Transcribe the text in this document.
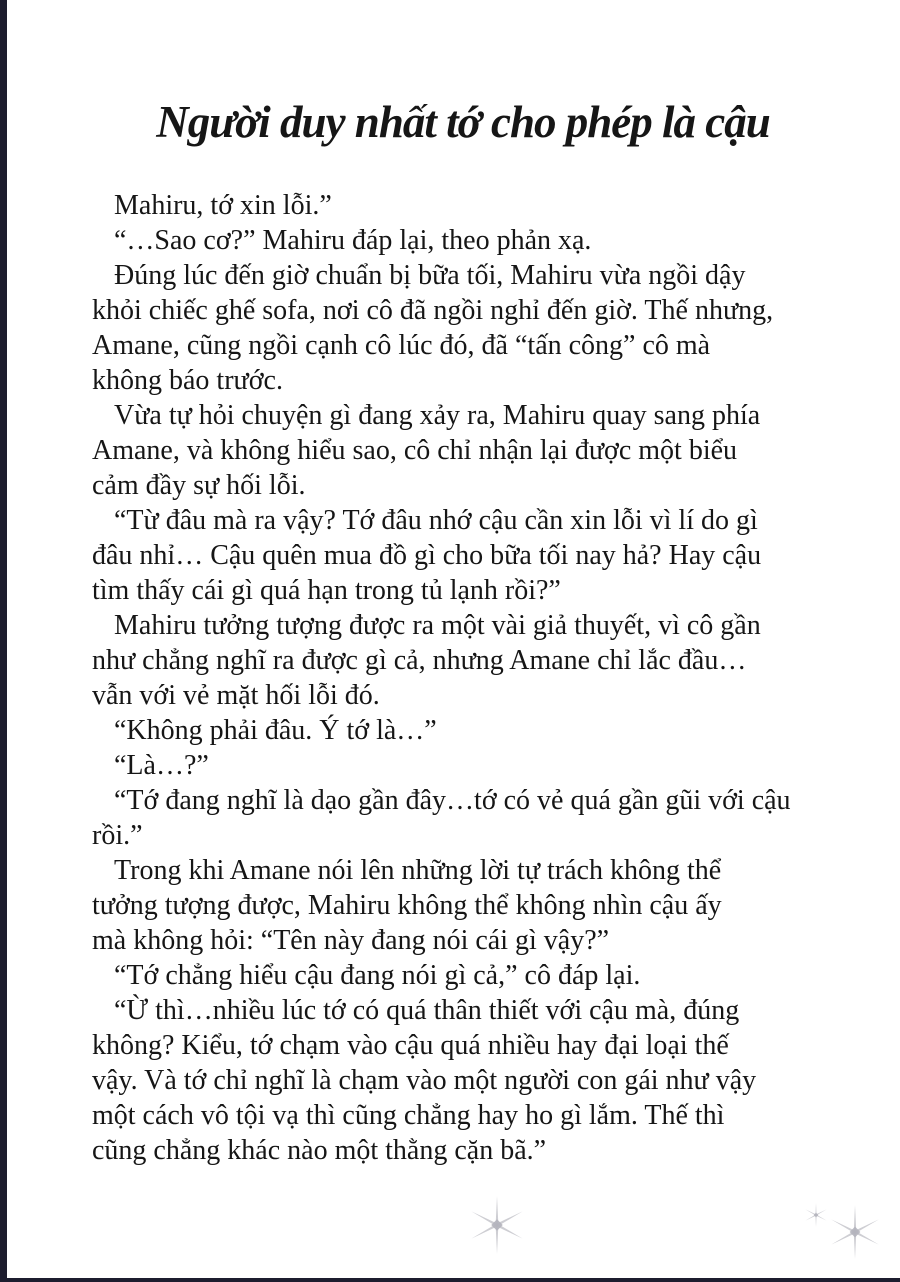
Người duy nhất tớ cho phép là cậu
Mahiru, tớ xin lỗi.”
“…Sao cơ?” Mahiru đáp lại, theo phản xạ.
Đúng lúc đến giờ chuẩn bị bữa tối, Mahiru vừa ngồi dậy
khỏi chiếc ghế sofa, nơi cô đã ngồi nghỉ đến giờ. Thế nhưng,
Amane, cũng ngồi cạnh cô lúc đó, đã “tấn công” cô mà
không báo trước.
Vừa tự hỏi chuyện gì đang xảy ra, Mahiru quay sang phía
Amane, và không hiểu sao, cô chỉ nhận lại được một biểu
cảm đầy sự hối lỗi.
“Từ đâu mà ra vậy? Tớ đâu nhớ cậu cần xin lỗi vì lí do gì
đâu nhỉ… Cậu quên mua đồ gì cho bữa tối nay hả? Hay cậu
tìm thấy cái gì quá hạn trong tủ lạnh rồi?”
Mahiru tưởng tượng được ra một vài giả thuyết, vì cô gần
như chẳng nghĩ ra được gì cả, nhưng Amane chỉ lắc đầu…
vẫn với vẻ mặt hối lỗi đó.
“Không phải đâu. Ý tớ là…”
“Là…?”
“Tớ đang nghĩ là dạo gần đây…tớ có vẻ quá gần gũi với cậu
rồi.”
Trong khi Amane nói lên những lời tự trách không thể
tưởng tượng được, Mahiru không thể không nhìn cậu ấy
mà không hỏi: “Tên này đang nói cái gì vậy?”
“Tớ chẳng hiểu cậu đang nói gì cả,” cô đáp lại.
“Ừ thì…nhiều lúc tớ có quá thân thiết với cậu mà, đúng
không? Kiểu, tớ chạm vào cậu quá nhiều hay đại loại thế
vậy. Và tớ chỉ nghĩ là chạm vào một người con gái như vậy
một cách vô tội vạ thì cũng chẳng hay ho gì lắm. Thế thì
cũng chẳng khác nào một thằng cặn bã.”
